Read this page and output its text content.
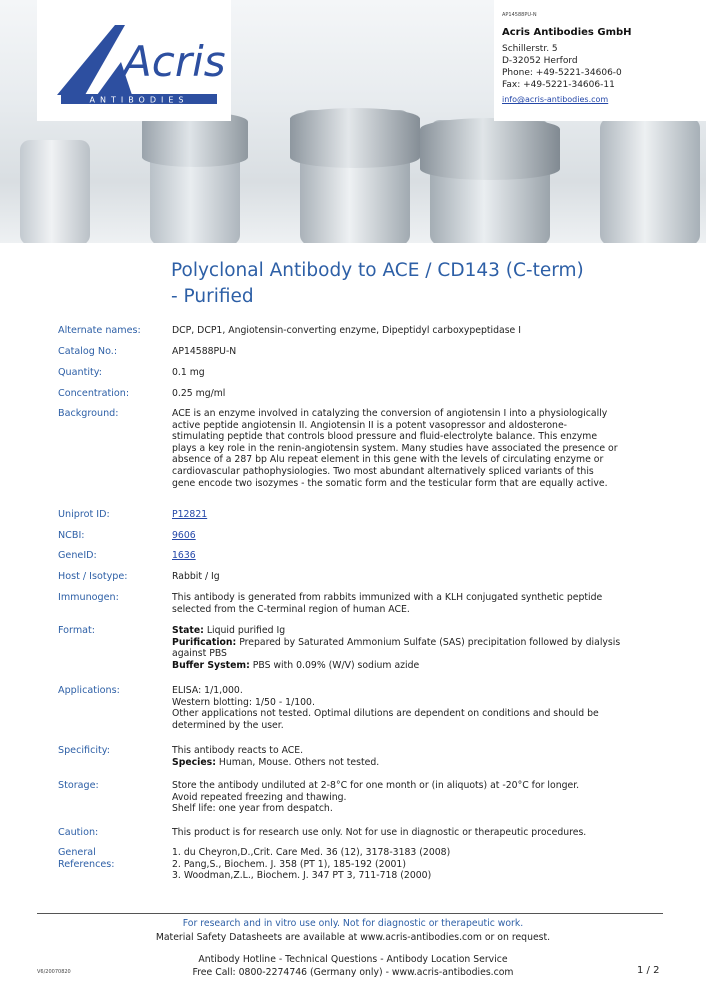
Acris
ANTIBODIES
AP14588PU-N
Acris Antibodies GmbH
Schillerstr. 5
D-32052 Herford
Phone: +49-5221-34606-0
Fax: +49-5221-34606-11
info@acris-antibodies.com
Polyclonal Antibody to ACE / CD143 (C-term)
- Purified
Alternate names:	DCP, DCP1, Angiotensin-converting enzyme, Dipeptidyl carboxypeptidase I
Catalog No.:	AP14588PU-N
Quantity:	0.1 mg
Concentration:	0.25 mg/ml
Background:	ACE is an enzyme involved in catalyzing the conversion of angiotensin I into a physiologically
active peptide angiotensin II. Angiotensin II is a potent vasopressor and aldosterone-
stimulating peptide that controls blood pressure and fluid-electrolyte balance. This enzyme
plays a key role in the renin-angiotensin system. Many studies have associated the presence or
absence of a 287 bp Alu repeat element in this gene with the levels of circulating enzyme or
cardiovascular pathophysiologies. Two most abundant alternatively spliced variants of this
gene encode two isozymes - the somatic form and the testicular form that are equally active.
Uniprot ID:	P12821
NCBI:	9606
GeneID:	1636
Host / Isotype:	Rabbit / Ig
Immunogen:	This antibody is generated from rabbits immunized with a KLH conjugated synthetic peptide
selected from the C-terminal region of human ACE.
Format:	State: Liquid purified Ig
Purification: Prepared by Saturated Ammonium Sulfate (SAS) precipitation followed by dialysis
against PBS
Buffer System: PBS with 0.09% (W/V) sodium azide
Applications:	ELISA: 1/1,000.
Western blotting: 1/50 - 1/100.
Other applications not tested. Optimal dilutions are dependent on conditions and should be
determined by the user.
Specificity:	This antibody reacts to ACE.
Species: Human, Mouse. Others not tested.
Storage:	Store the antibody undiluted at 2-8°C for one month or (in aliquots) at -20°C for longer.
Avoid repeated freezing and thawing.
Shelf life: one year from despatch.
Caution:	This product is for research use only. Not for use in diagnostic or therapeutic procedures.
General
References:
1. du Cheyron,D.,Crit. Care Med. 36 (12), 3178-3183 (2008)
2. Pang,S., Biochem. J. 358 (PT 1), 185-192 (2001)
3. Woodman,Z.L., Biochem. J. 347 PT 3, 711-718 (2000)
For research and in vitro use only. Not for diagnostic or therapeutic work.
Material Safety Datasheets are available at www.acris-antibodies.com or on request.
Antibody Hotline - Technical Questions - Antibody Location Service
Free Call: 0800-2274746 (Germany only) - www.acris-antibodies.com
V6/20070820	1 / 2
